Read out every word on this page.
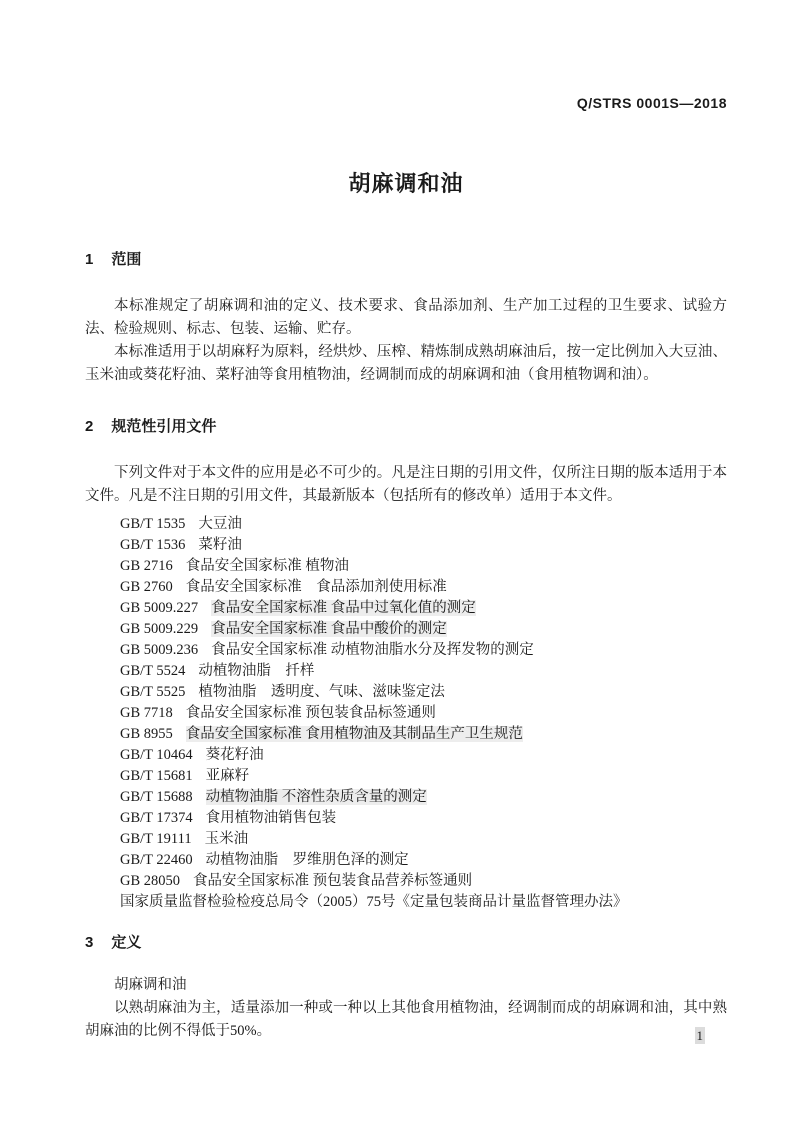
Q/STRS 0001S—2018
胡麻调和油
1 范围

本标准规定了胡麻调和油的定义、技术要求、食品添加剂、生产加工过程的卫生要求、试验方法、检验规则、标志、包装、运输、贮存。

本标准适用于以胡麻籽为原料，经烘炒、压榨、精炼制成熟胡麻油后，按一定比例加入大豆油、玉米油或葵花籽油、菜籽油等食用植物油，经调制而成的胡麻调和油（食用植物调和油）。

2 规范性引用文件

下列文件对于本文件的应用是必不可少的。凡是注日期的引用文件，仅所注日期的版本适用于本文件。凡是不注日期的引用文件，其最新版本（包括所有的修改单）适用于本文件。

GB/T 1535 大豆油
GB/T 1536 菜籽油
GB 2716 食品安全国家标准 植物油
GB 2760 食品安全国家标准　食品添加剂使用标准
GB 5009.227 食品安全国家标准 食品中过氧化值的测定
GB 5009.229 食品安全国家标准 食品中酸价的测定
GB 5009.236 食品安全国家标准 动植物油脂水分及挥发物的测定
GB/T 5524 动植物油脂　扦样
GB/T 5525 植物油脂　透明度、气味、滋味鉴定法
GB 7718 食品安全国家标准 预包装食品标签通则
GB 8955 食品安全国家标准 食用植物油及其制品生产卫生规范
GB/T 10464 葵花籽油
GB/T 15681 亚麻籽
GB/T 15688 动植物油脂 不溶性杂质含量的测定
GB/T 17374 食用植物油销售包装
GB/T 19111 玉米油
GB/T 22460 动植物油脂　罗维朋色泽的测定
GB 28050 食品安全国家标准 预包装食品营养标签通则
国家质量监督检验检疫总局令（2005）75号《定量包装商品计量监督管理办法》
3 定义
胡麻调和油

以熟胡麻油为主，适量添加一种或一种以上其他食用植物油，经调制而成的胡麻调和油，其中熟胡麻油的比例不得低于50%。	1
